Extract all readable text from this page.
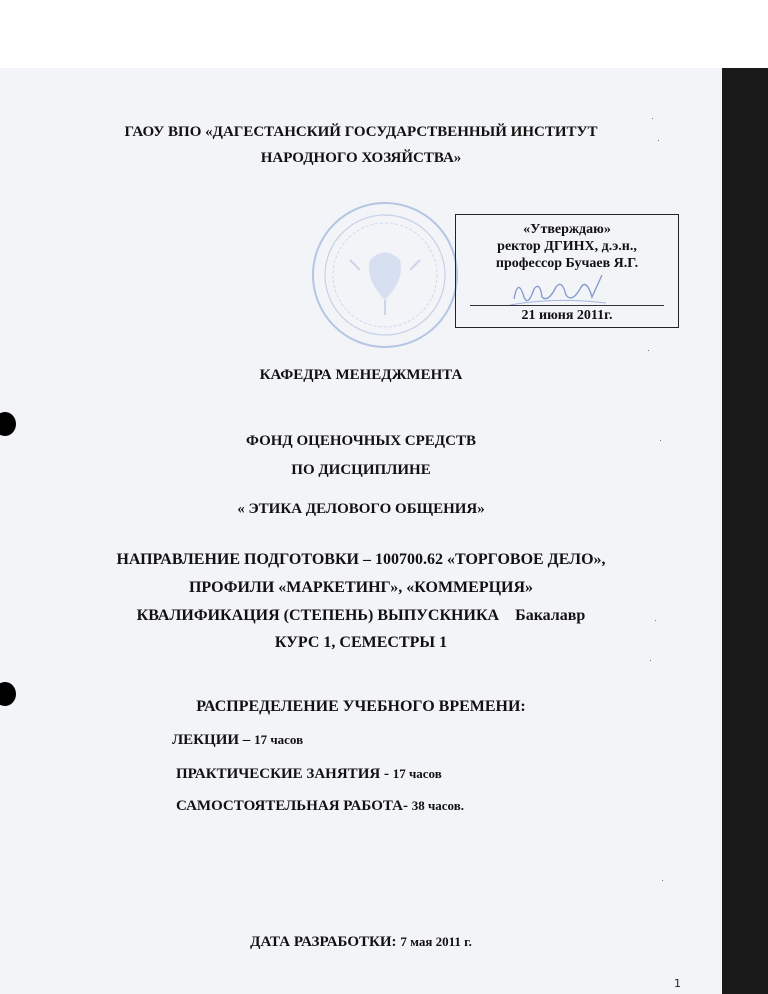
ГАОУ ВПО «ДАГЕСТАНСКИЙ ГОСУДАРСТВЕННЫЙ ИНСТИТУТ
НАРОДНОГО ХОЗЯЙСТВА»
«Утверждаю»
ректор ДГИНХ, д.э.н.,
профессор Бучаев Я.Г.
21 июня 2011г.
КАФЕДРА МЕНЕДЖМЕНТА
ФОНД ОЦЕНОЧНЫХ СРЕДСТВ
ПО ДИСЦИПЛИНЕ
« ЭТИКА ДЕЛОВОГО ОБЩЕНИЯ»
НАПРАВЛЕНИЕ ПОДГОТОВКИ – 100700.62 «ТОРГОВОЕ ДЕЛО»,
ПРОФИЛИ «МАРКЕТИНГ», «КОММЕРЦИЯ»
КВАЛИФИКАЦИЯ (СТЕПЕНЬ) ВЫПУСКНИКА Бакалавр
КУРС 1, СЕМЕСТРЫ 1
РАСПРЕДЕЛЕНИЕ УЧЕБНОГО ВРЕМЕНИ:
ЛЕКЦИИ – 17 часов
ПРАКТИЧЕСКИЕ ЗАНЯТИЯ - 17 часов
САМОСТОЯТЕЛЬНАЯ РАБОТА- 38 часов.
ДАТА РАЗРАБОТКИ: 7 мая 2011 г.
1
